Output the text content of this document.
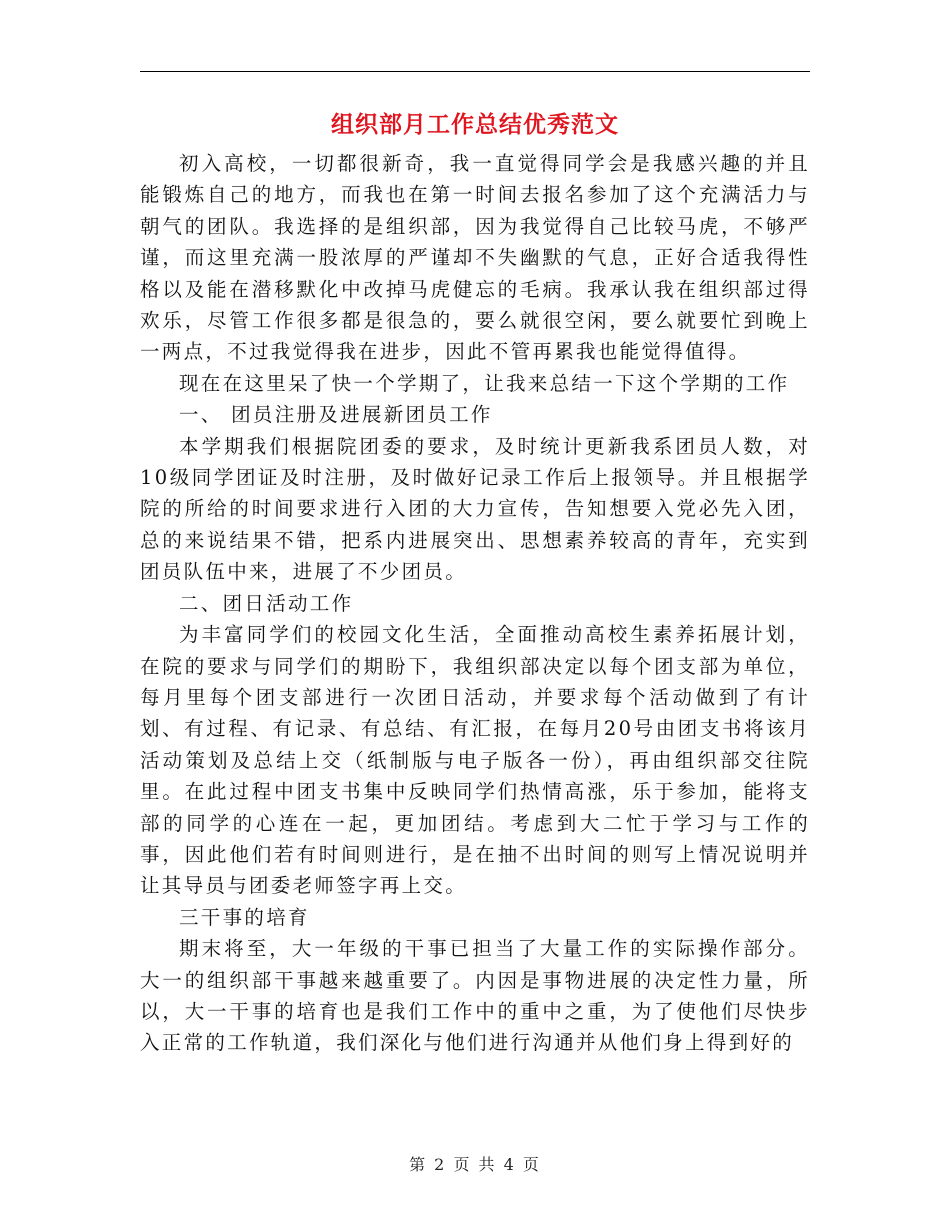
组织部月工作总结优秀范文

初入高校，一切都很新奇，我一直觉得同学会是我感兴趣的并且能锻炼自己的地方，而我也在第一时间去报名参加了这个充满活力与朝气的团队。我选择的是组织部，因为我觉得自己比较马虎，不够严谨，而这里充满一股浓厚的严谨却不失幽默的气息，正好合适我得性格以及能在潜移默化中改掉马虎健忘的毛病。我承认我在组织部过得欢乐，尽管工作很多都是很急的，要么就很空闲，要么就要忙到晚上一两点，不过我觉得我在进步，因此不管再累我也能觉得值得。

现在在这里呆了快一个学期了，让我来总结一下这个学期的工作

一、 团员注册及进展新团员工作

本学期我们根据院团委的要求，及时统计更新我系团员人数，对10级同学团证及时注册，及时做好记录工作后上报领导。并且根据学院的所给的时间要求进行入团的大力宣传，告知想要入党必先入团，总的来说结果不错，把系内进展突出、思想素养较高的青年，充实到团员队伍中来，进展了不少团员。

二、团日活动工作

为丰富同学们的校园文化生活，全面推动高校生素养拓展计划，在院的要求与同学们的期盼下，我组织部决定以每个团支部为单位，每月里每个团支部进行一次团日活动，并要求每个活动做到了有计划、有过程、有记录、有总结、有汇报，在每月20号由团支书将该月活动策划及总结上交（纸制版与电子版各一份），再由组织部交往院里。在此过程中团支书集中反映同学们热情高涨，乐于参加，能将支部的同学的心连在一起，更加团结。考虑到大二忙于学习与工作的事，因此他们若有时间则进行，是在抽不出时间的则写上情况说明并让其导员与团委老师签字再上交。

三干事的培育

期末将至，大一年级的干事已担当了大量工作的实际操作部分。大一的组织部干事越来越重要了。内因是事物进展的决定性力量，所以，大一干事的培育也是我们工作中的重中之重，为了使他们尽快步入正常的工作轨道，我们深化与他们进行沟通并从他们身上得到好的

第 2 页 共 4 页
